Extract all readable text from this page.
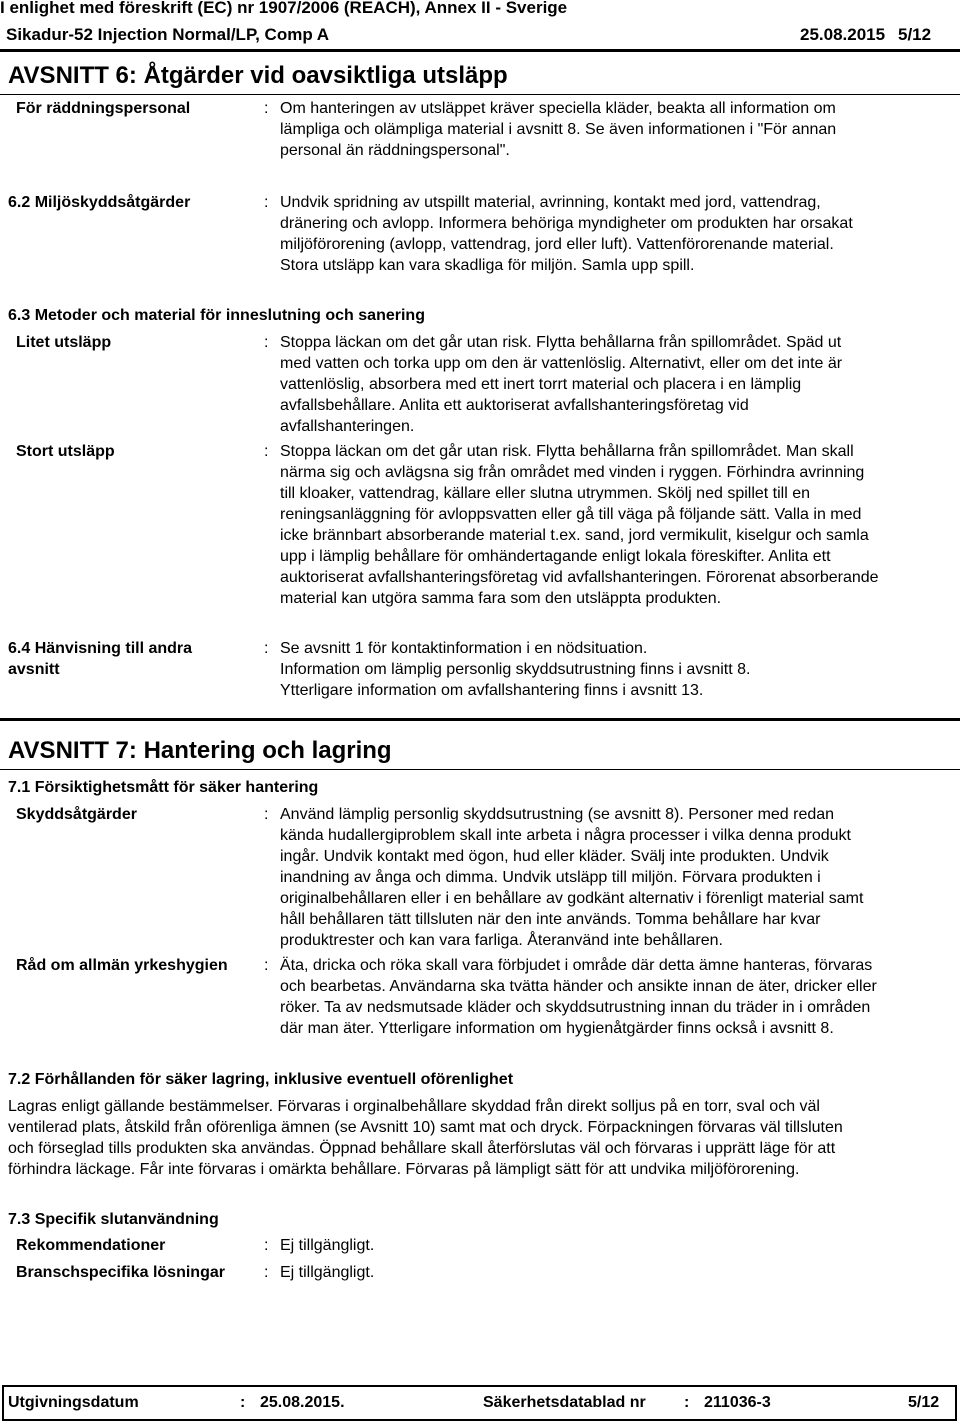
I enlighet med föreskrift (EC) nr 1907/2006 (REACH), Annex II - Sverige
Sikadur-52 Injection Normal/LP, Comp A	25.08.2015 5/12
AVSNITT 6: Åtgärder vid oavsiktliga utsläpp
För räddningspersonal	: Om hanteringen av utsläppet kräver speciella kläder, beakta all information om
lämpliga och olämpliga material i avsnitt 8. Se även informationen i "För annan
personal än räddningspersonal".
6.2 Miljöskyddsåtgärder	: Undvik spridning av utspillt material, avrinning, kontakt med jord, vattendrag,
dränering och avlopp. Informera behöriga myndigheter om produkten har orsakat
miljöförorening (avlopp, vattendrag, jord eller luft). Vattenförorenande material.
Stora utsläpp kan vara skadliga för miljön. Samla upp spill.
6.3 Metoder och material för inneslutning och sanering
Litet utsläpp	: Stoppa läckan om det går utan risk. Flytta behållarna från spillområdet. Späd ut
med vatten och torka upp om den är vattenlöslig. Alternativt, eller om det inte är
vattenlöslig, absorbera med ett inert torrt material och placera i en lämplig
avfallsbehållare. Anlita ett auktoriserat avfallshanteringsföretag vid
avfallshanteringen.
Stort utsläpp	: Stoppa läckan om det går utan risk. Flytta behållarna från spillområdet. Man skall
närma sig och avlägsna sig från området med vinden i ryggen. Förhindra avrinning
till kloaker, vattendrag, källare eller slutna utrymmen. Skölj ned spillet till en
reningsanläggning för avloppsvatten eller gå till väga på följande sätt. Valla in med
icke brännbart absorberande material t.ex. sand, jord vermikulit, kiselgur och samla
upp i lämplig behållare för omhändertagande enligt lokala föreskifter. Anlita ett
auktoriserat avfallshanteringsföretag vid avfallshanteringen. Förorenat absorberande
material kan utgöra samma fara som den utsläppta produkten.
6.4 Hänvisning till andra
avsnitt
: Se avsnitt 1 för kontaktinformation i en nödsituation.
Information om lämplig personlig skyddsutrustning finns i avsnitt 8.
Ytterligare information om avfallshantering finns i avsnitt 13.
AVSNITT 7: Hantering och lagring
7.1 Försiktighetsmått för säker hantering
Skyddsåtgärder	: Använd lämplig personlig skyddsutrustning (se avsnitt 8). Personer med redan
kända hudallergiproblem skall inte arbeta i några processer i vilka denna produkt
ingår. Undvik kontakt med ögon, hud eller kläder. Svälj inte produkten. Undvik
inandning av ånga och dimma. Undvik utsläpp till miljön. Förvara produkten i
originalbehållaren eller i en behållare av godkänt alternativ i förenligt material samt
håll behållaren tätt tillsluten när den inte används. Tomma behållare har kvar
produktrester och kan vara farliga. Återanvänd inte behållaren.
Råd om allmän yrkeshygien : Äta, dricka och röka skall vara förbjudet i område där detta ämne hanteras, förvaras
och bearbetas. Användarna ska tvätta händer och ansikte innan de äter, dricker eller
röker. Ta av nedsmutsade kläder och skyddsutrustning innan du träder in i områden
där man äter. Ytterligare information om hygienåtgärder finns också i avsnitt 8.
7.2 Förhållanden för säker lagring, inklusive eventuell oförenlighet
Lagras enligt gällande bestämmelser. Förvaras i orginalbehållare skyddad från direkt solljus på en torr, sval och väl
ventilerad plats, åtskild från oförenliga ämnen (se Avsnitt 10) samt mat och dryck. Förpackningen förvaras väl tillsluten
och förseglad tills produkten ska användas. Öppnad behållare skall återförslutas väl och förvaras i upprätt läge för att
förhindra läckage. Får inte förvaras i omärkta behållare. Förvaras på lämpligt sätt för att undvika miljöförorening.
7.3 Specifik slutanvändning
Rekommendationer	: Ej tillgängligt.
Branschspecifika lösningar : Ej tillgängligt.
Utgivningsdatum	: 25.08.2015.	Säkerhetsdatablad nr : 211036-3	5/12
